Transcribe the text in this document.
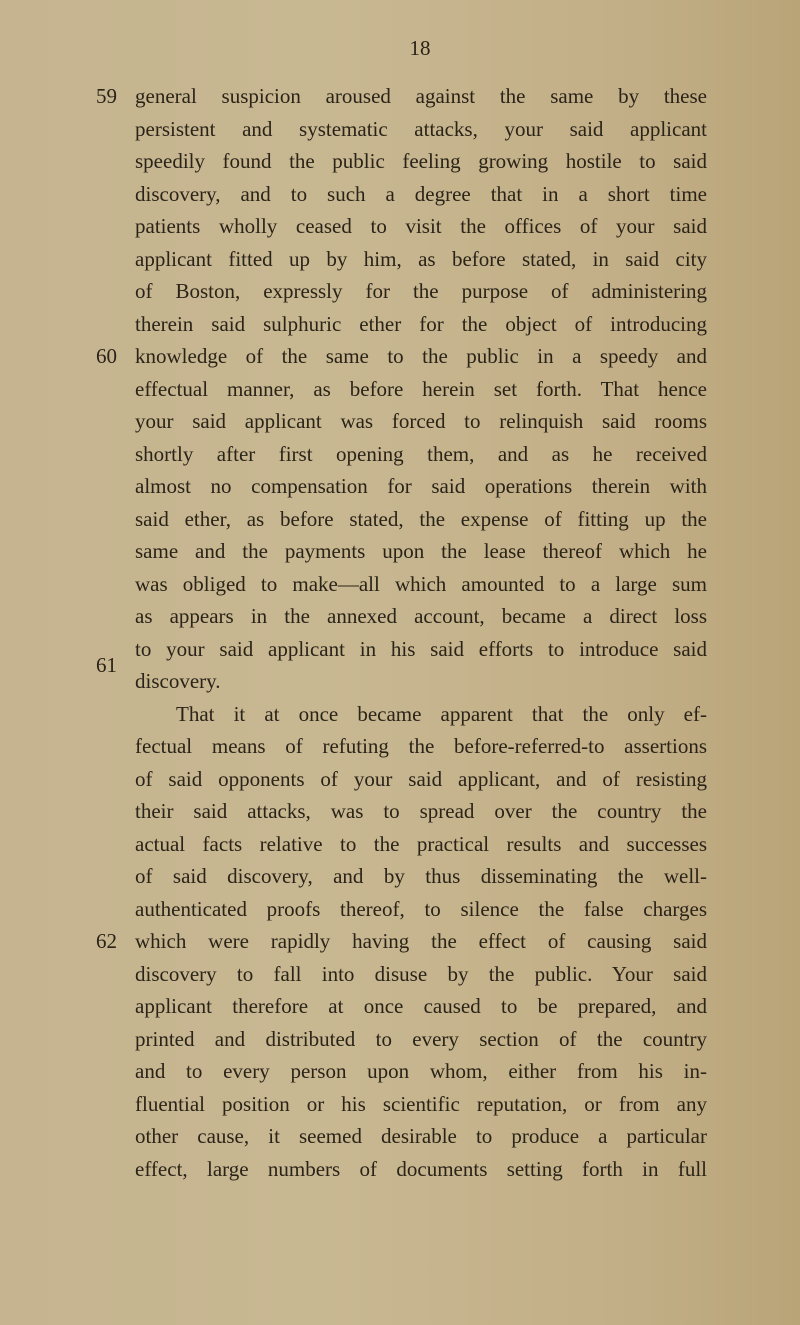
18
general suspicion aroused against the same by these
persistent and systematic attacks, your said applicant
speedily found the public feeling growing hostile to said
discovery, and to such a degree that in a short time
patients wholly ceased to visit the offices of your said
applicant fitted up by him, as before stated, in said city
of Boston, expressly for the purpose of administering
therein said sulphuric ether for the object of introducing
knowledge of the same to the public in a speedy and
effectual manner, as before herein set forth. That hence
your said applicant was forced to relinquish said rooms
shortly after first opening them, and as he received
almost no compensation for said operations therein with
said ether, as before stated, the expense of fitting up the
same and the payments upon the lease thereof which he
was obliged to make—all which amounted to a large sum
as appears in the annexed account, became a direct loss
to your said applicant in his said efforts to introduce said
discovery.
That it at once became apparent that the only ef-
fectual means of refuting the before-referred-to assertions
of said opponents of your said applicant, and of resisting
their said attacks, was to spread over the country the
actual facts relative to the practical results and successes
of said discovery, and by thus disseminating the well-
authenticated proofs thereof, to silence the false charges
which were rapidly having the effect of causing said
discovery to fall into disuse by the public. Your said
applicant therefore at once caused to be prepared, and
printed and distributed to every section of the country
and to every person upon whom, either from his in-
fluential position or his scientific reputation, or from any
other cause, it seemed desirable to produce a particular
effect, large numbers of documents setting forth in full
59
60
61
62
